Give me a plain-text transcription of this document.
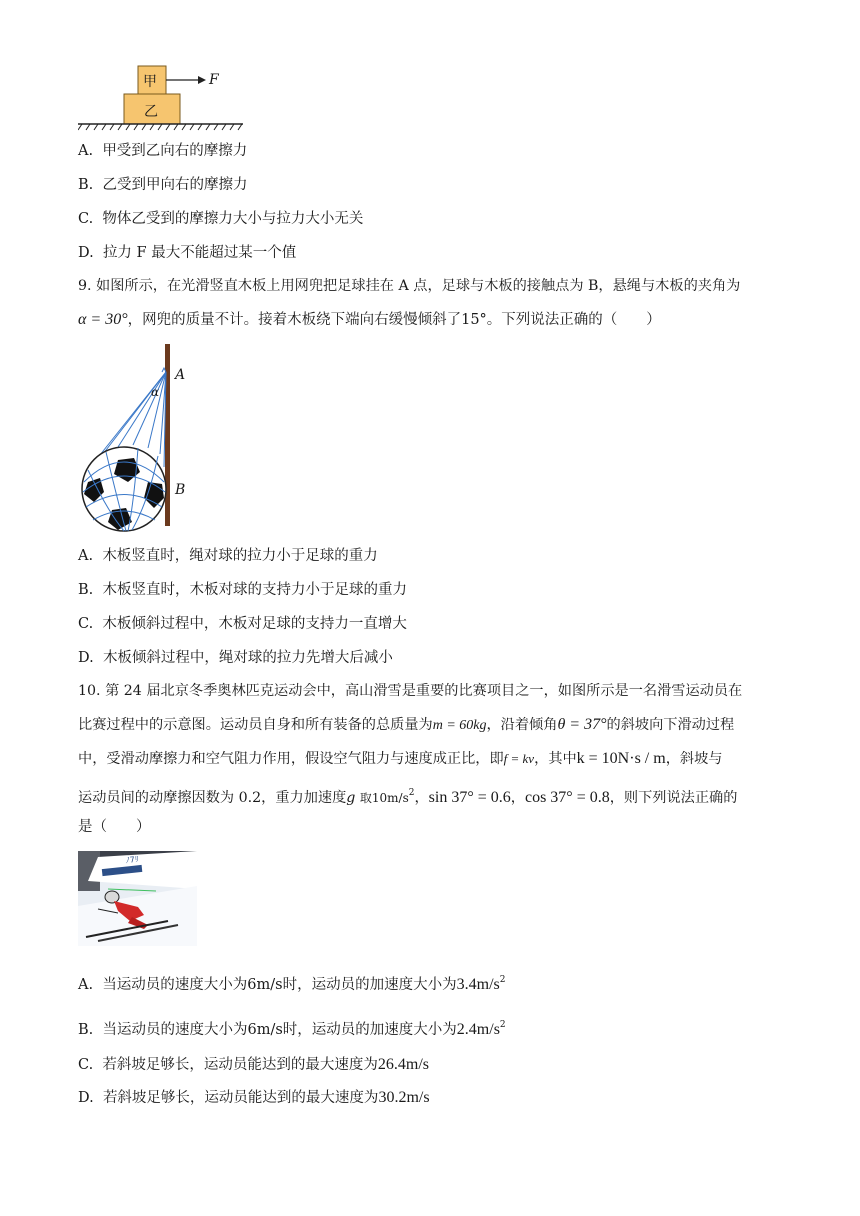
甲
乙
F
A. 甲受到乙向右的摩擦力
B. 乙受到甲向右的摩擦力
C. 物体乙受到的摩擦力大小与拉力大小无关
D. 拉力 F 最大不能超过某一个值
9. 如图所示，在光滑竖直木板上用网兜把足球挂在 A 点，足球与木板的接触点为 B，悬绳与木板的夹角为
α = 30°，网兜的质量不计。接着木板绕下端向右缓慢倾斜了15°。下列说法正确的（　　）
A
B
α
A. 木板竖直时，绳对球的拉力小于足球的重力
B. 木板竖直时，木板对球的支持力小于足球的重力
C. 木板倾斜过程中，木板对足球的支持力一直增大
D. 木板倾斜过程中，绳对球的拉力先增大后减小
10. 第 24 届北京冬季奥林匹克运动会中，高山滑雪是重要的比赛项目之一，如图所示是一名滑雪运动员在
比赛过程中的示意图。运动员自身和所有装备的总质量为m = 60kg，沿着倾角θ = 37°的斜坡向下滑动过程
中，受滑动摩擦力和空气阻力作用，假设空气阻力与速度成正比，即f = kv，其中k = 10N·s / m，斜坡与
运动员间的动摩擦因数为 0.2，重力加速度g 取$10m/s^2$，sin 37° = 0.6，cos 37° = 0.8，则下列说法正确的
是（　　）
ﾉ7ﾘ
A. 当运动员的速度大小为6m/s时，运动员的加速度大小为$3.4m/s^2$
B. 当运动员的速度大小为6m/s时，运动员的加速度大小为$2.4m/s^2$
C. 若斜坡足够长，运动员能达到的最大速度为26.4m/s
D. 若斜坡足够长，运动员能达到的最大速度为30.2m/s
